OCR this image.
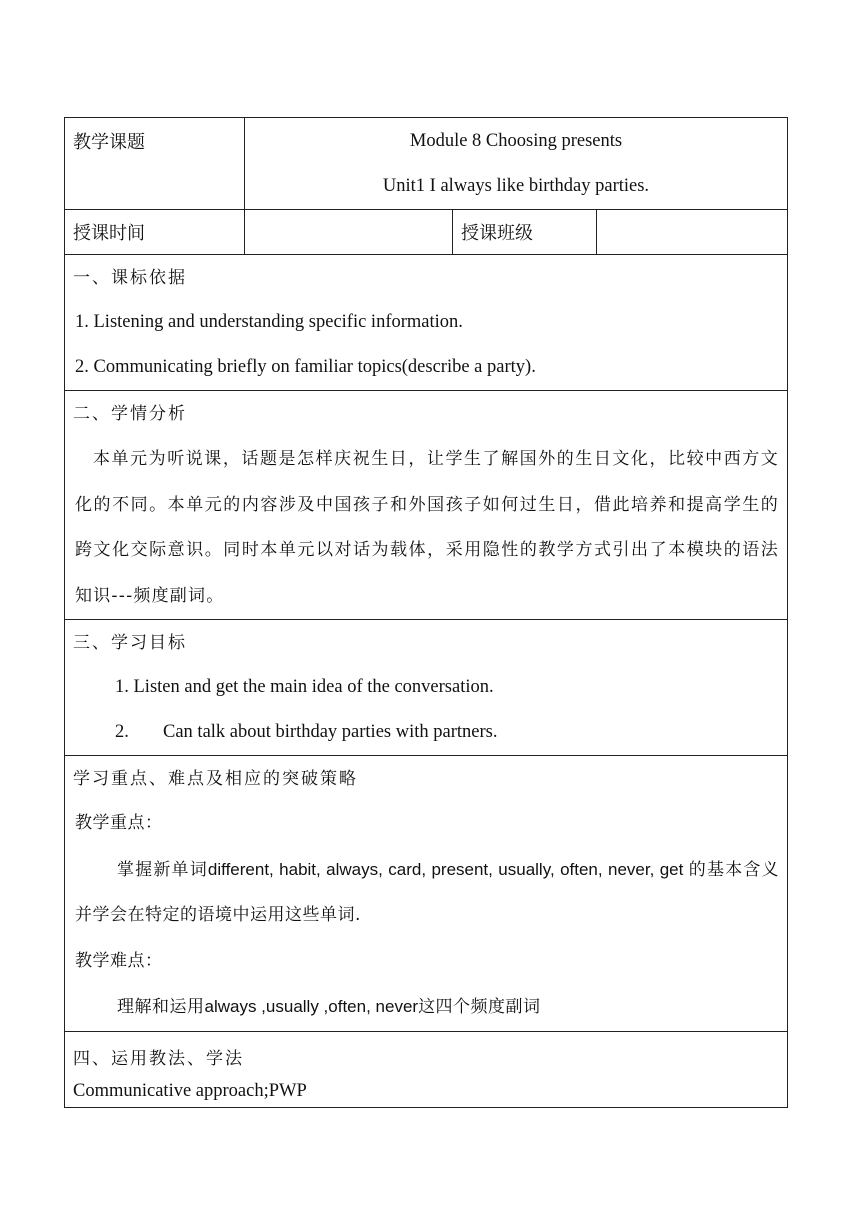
教学课题	Module 8 Choosing presents
Unit1 I always like birthday parties.		

授课时间		授课班级	

一、课标依据
1. Listening and understanding specific information.
2. Communicating briefly on familiar topics(describe a party).			

二、学情分析
本单元为听说课，话题是怎样庆祝生日，让学生了解国外的生日文化，比较中西方文化的不同。本单元的内容涉及中国孩子和外国孩子如何过生日，借此培养和提高学生的跨文化交际意识。同时本单元以对话为载体，采用隐性的教学方式引出了本模块的语法知识---频度副词。			

三、学习目标
1. Listen and get the main idea of the conversation.
2. Can talk about birthday parties with partners.			

学习重点、难点及相应的突破策略
教学重点：
掌握新单词different, habit, always, card, present, usually, often, never, get 的基本含义并学会在特定的语境中运用这些单词.
教学难点：
理解和运用always ,usually ,often, never这四个频度副词			

四、运用教法、学法
Communicative approach;PWP			
